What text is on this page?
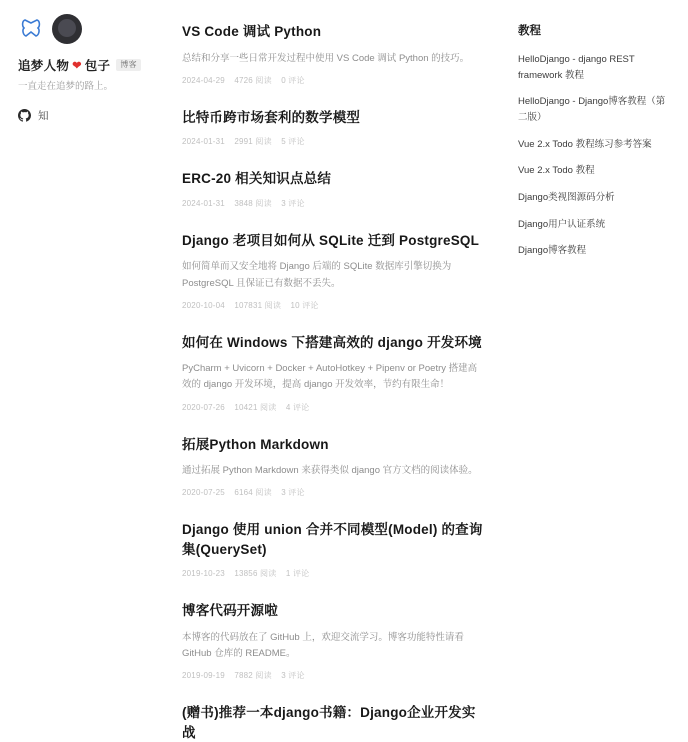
追梦人物 ❤ 包子	博客
一直走在追梦的路上。
知
VS Code 调试 Python

总结和分享一些日常开发过程中使用 VS Code 调试 Python 的技巧。

2024-04-29 4726 阅读 0 评论
比特币跨市场套利的数学模型
2024-01-31 2991 阅读 5 评论
ERC-20 相关知识点总结
2024-01-31 3848 阅读 3 评论
Django 老项目如何从 SQLite 迁到 PostgreSQL

如何简单而又安全地将 Django 后端的 SQLite 数据库引擎切换为 PostgreSQL 且保证已有数据不丢失。

2020-10-04 107831 阅读 10 评论
如何在 Windows 下搭建高效的 django 开发环境

PyCharm + Uvicorn + Docker + AutoHotkey + Pipenv or Poetry 搭建高效的 django 开发环境，提高 django 开发效率，节约有限生命！

2020-07-26 10421 阅读 4 评论
拓展Python Markdown

通过拓展 Python Markdown 来获得类似 django 官方文档的阅读体验。

2020-07-25 6164 阅读 3 评论
Django 使用 union 合并不同模型(Model) 的查询集(QuerySet)
2019-10-23 13856 阅读 1 评论
博客代码开源啦

本博客的代码放在了 GitHub 上，欢迎交流学习。博客功能特性请看 GitHub 仓库的 README。

2019-09-19 7882 阅读 3 评论
(赠书)推荐一本django书籍：Django企业开发实战
教程
HelloDjango - django REST framework 教程
HelloDjango - Django博客教程（第二版）
Vue 2.x Todo 教程练习参考答案
Vue 2.x Todo 教程
Django类视图源码分析
Django用户认证系统
Django博客教程
